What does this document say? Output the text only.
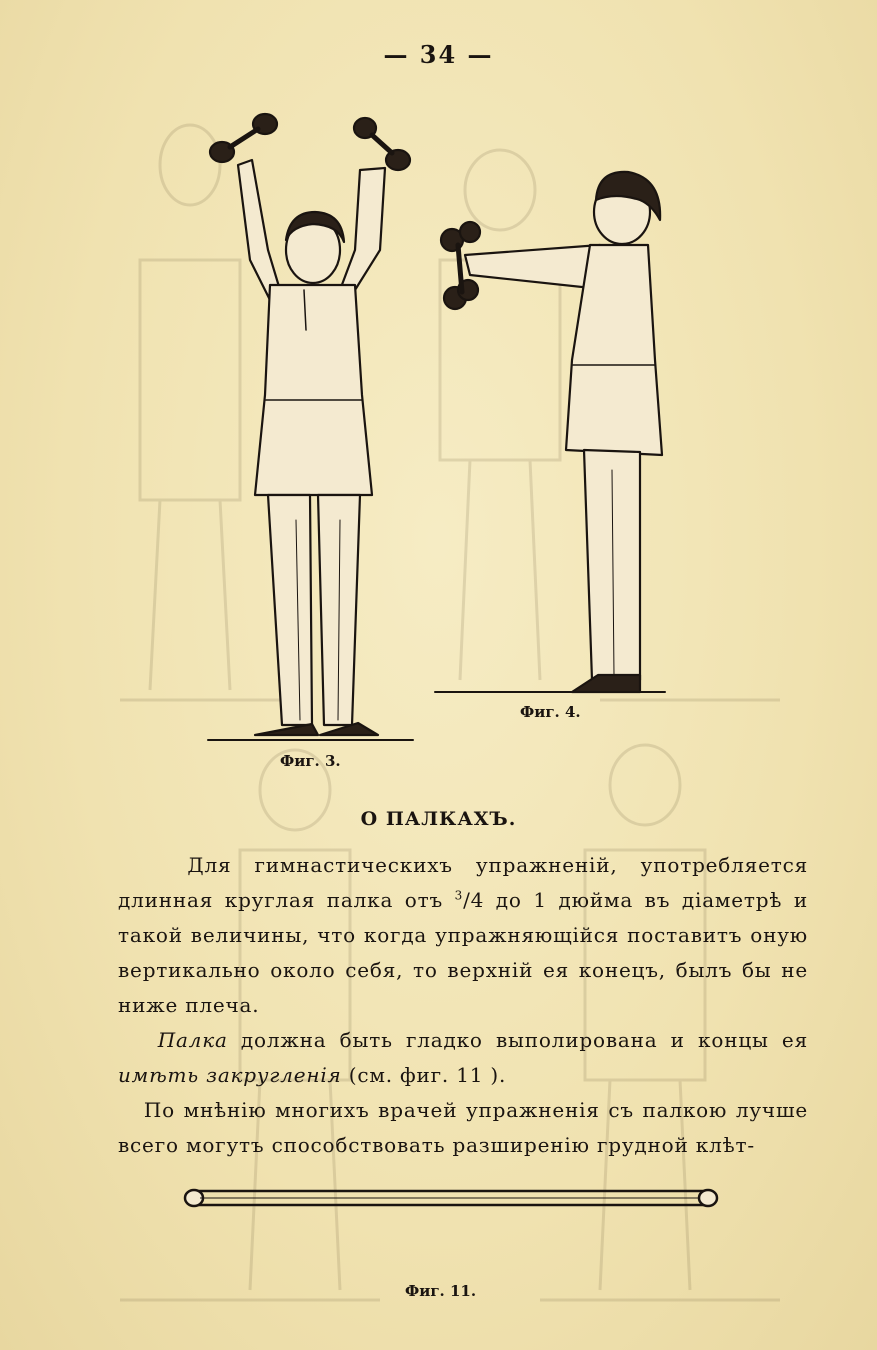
— 34 —
Фиг. 3.
Фиг. 4.
О ПАЛКАХЪ.

Для гимнастическихъ упражненій, употребляется длинная круглая палка отъ $^3$/4 до 1 дюйма въ діаметрѣ и такой величины, что когда упражняющійся поставитъ оную вертикально около себя, то верхній ея конецъ, былъ бы не ниже плеча.

Палка должна быть гладко выполирована и концы ея имѣть закругленія (см. фиг. 11 ).

По мнѣнію многихъ врачей упражненія съ палкою лучше всего могутъ способствовать разширенію грудной клѣт-

Фиг. 11.
